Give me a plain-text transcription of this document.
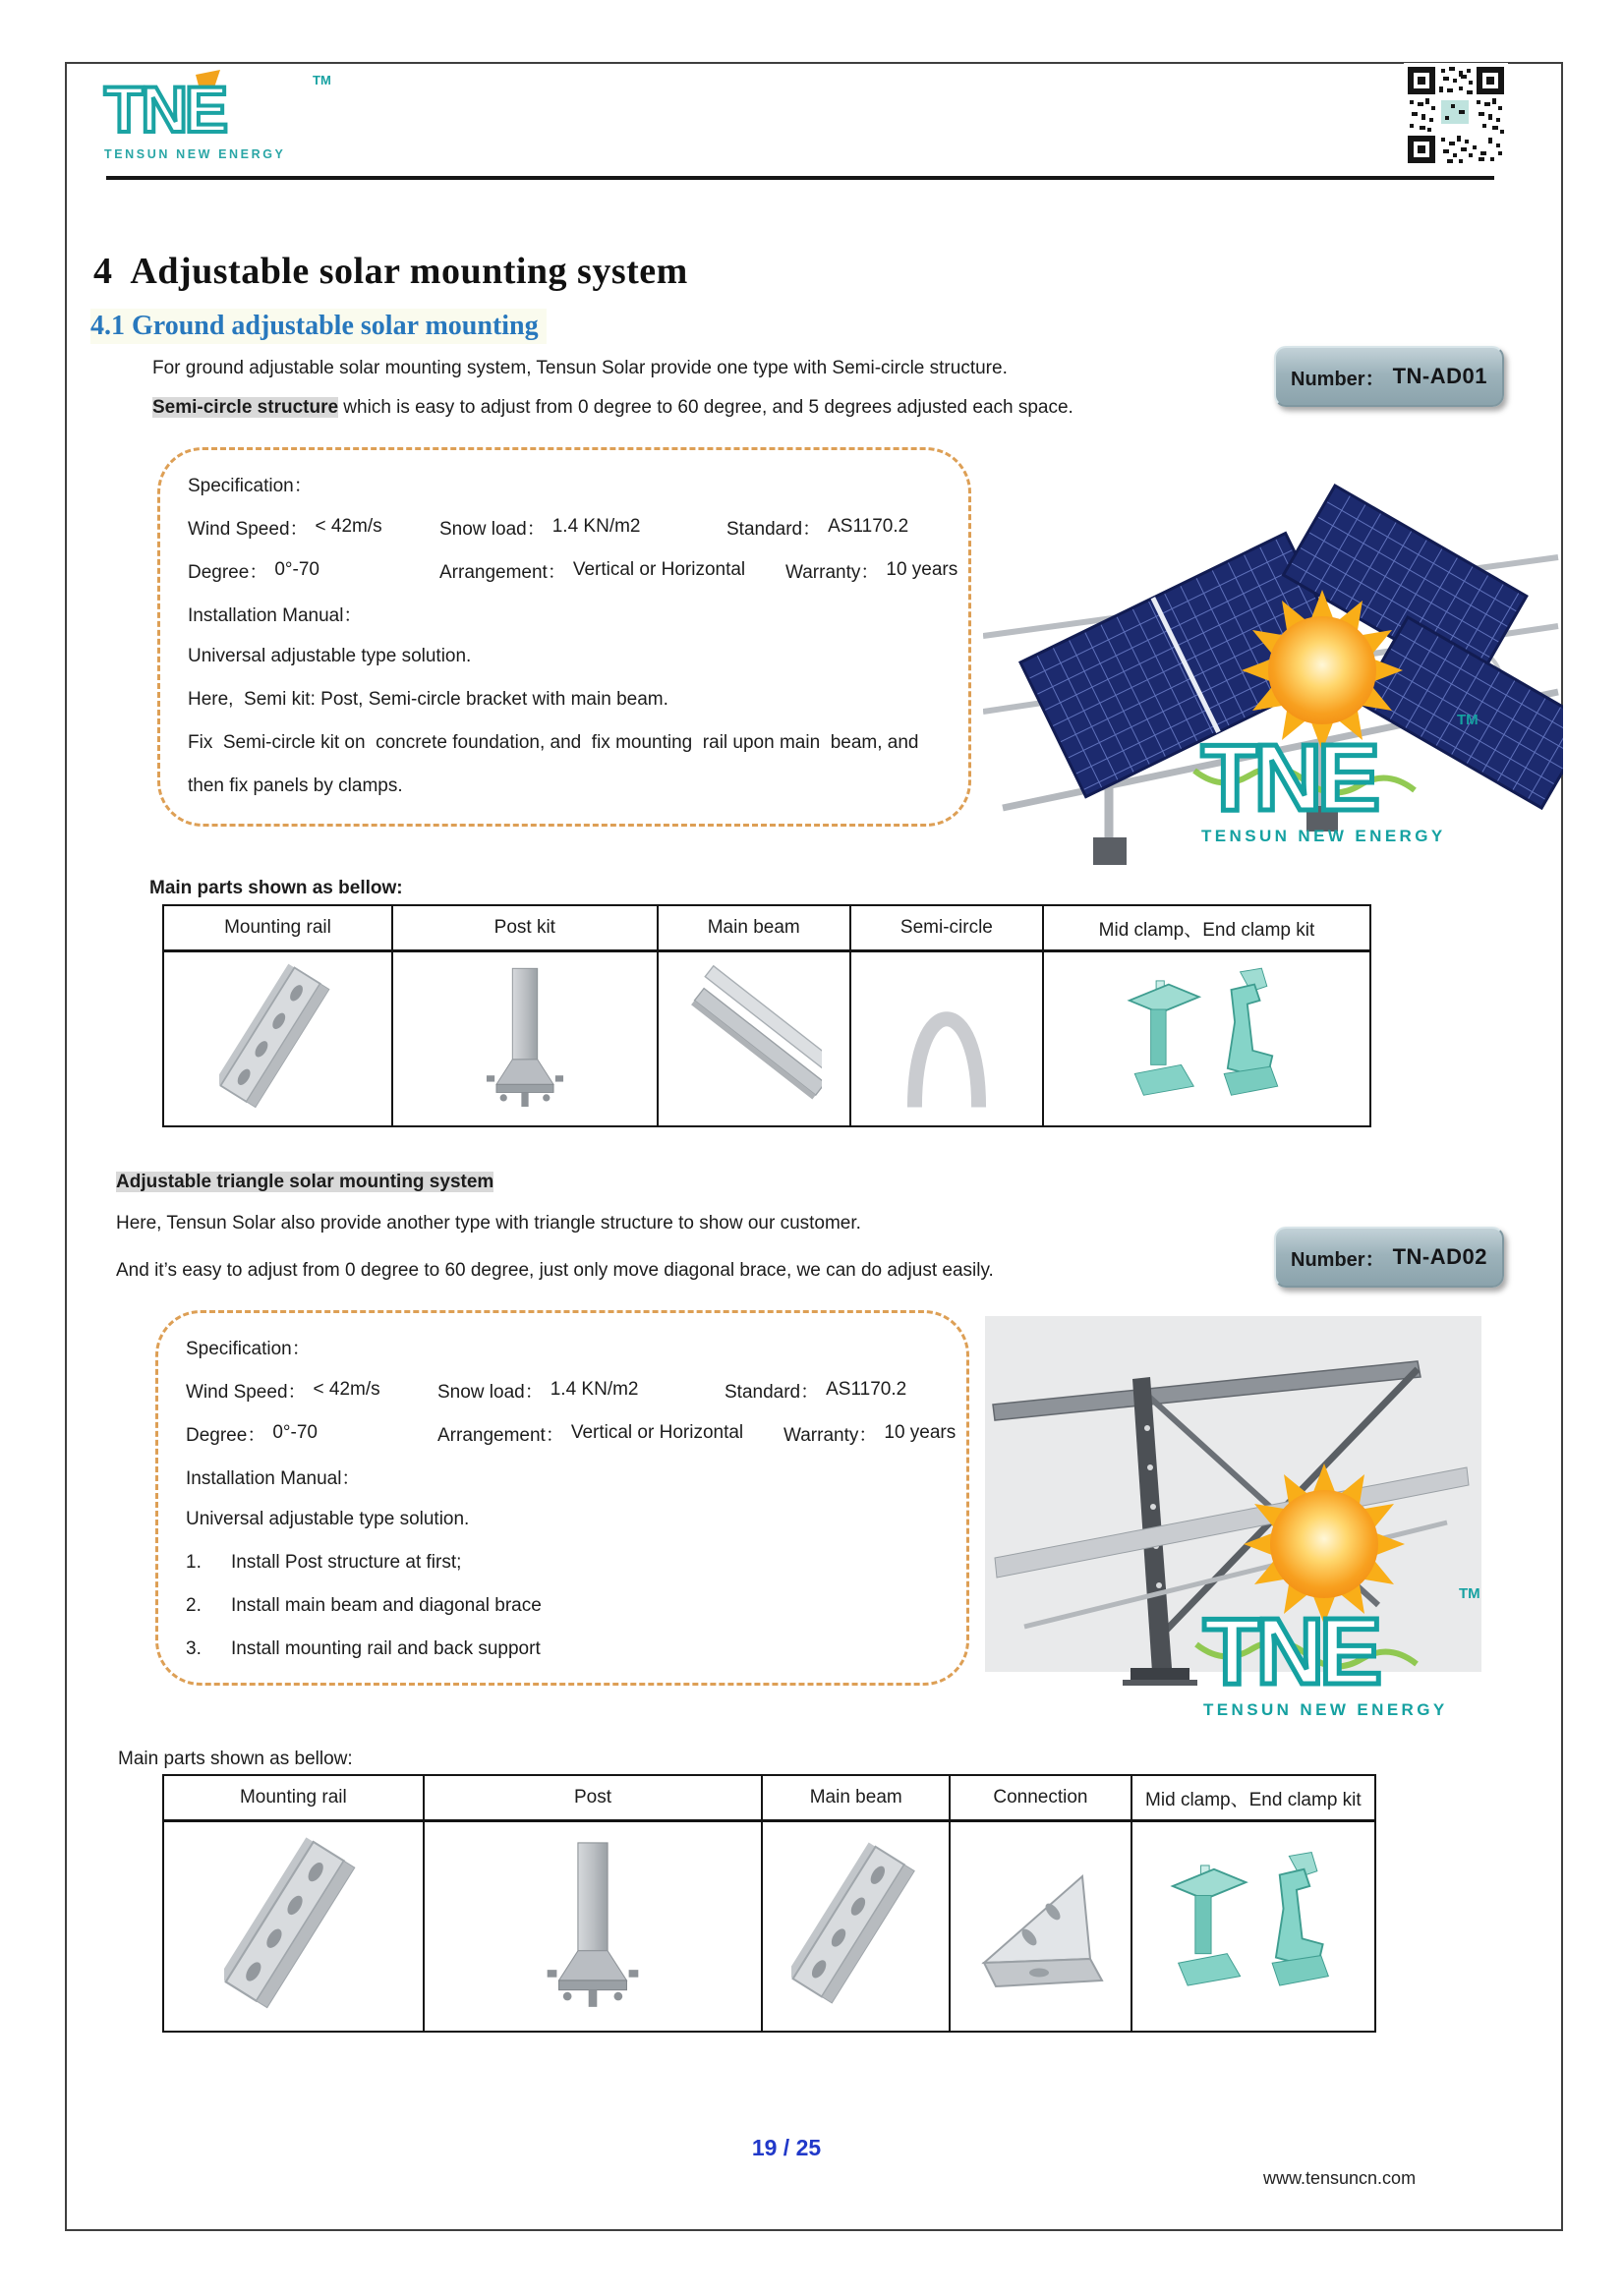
TNE	TM
TENSUN NEW ENERGY
4  Adjustable solar mounting system
4.1 Ground adjustable solar mounting
For ground adjustable solar mounting system, Tensun Solar provide one type with Semi-circle structure.
Semi-circle structure which is easy to adjust from 0 degree to 60 degree, and 5 degrees adjusted each space.
Number： TN-AD01
Specification：
Wind Speed： < 42m/s	Snow load： 1.4 KN/m2	Standard： AS1170.2
Degree： 0°-70	Arrangement： Vertical or Horizontal Warranty： 10 years
Installation Manual：
Universal adjustable type solution.
Here,  Semi kit: Post, Semi-circle bracket with main beam.
Fix  Semi-circle kit on  concrete foundation, and  fix mounting  rail upon main  beam, and
then fix panels by clamps.	TNE
TM
TENSUN NEW ENERGY
Main parts shown as bellow:
Mounting rail	Post kit	Main beam	Semi-circle	Mid clamp、End clamp kit
Adjustable triangle solar mounting system
Here, Tensun Solar also provide another type with triangle structure to show our customer.
And it’s easy to adjust from 0 degree to 60 degree, just only move diagonal brace, we can do adjust easily.	Number： TN-AD02
Specification：
Wind Speed： < 42m/s	Snow load： 1.4 KN/m2	Standard： AS1170.2
Degree： 0°-70	Arrangement： Vertical or Horizontal Warranty： 10 years
Installation Manual：
Universal adjustable type solution.
1.	Install Post structure at first;
2.	Install main beam and diagonal brace
3.	Install mounting rail and back support	TNE
TM
TENSUN NEW ENERGY
Main parts shown as bellow:
Mounting rail	Post	Main beam	Connection	Mid clamp、End clamp kit
19 / 25
www.tensuncn.com
